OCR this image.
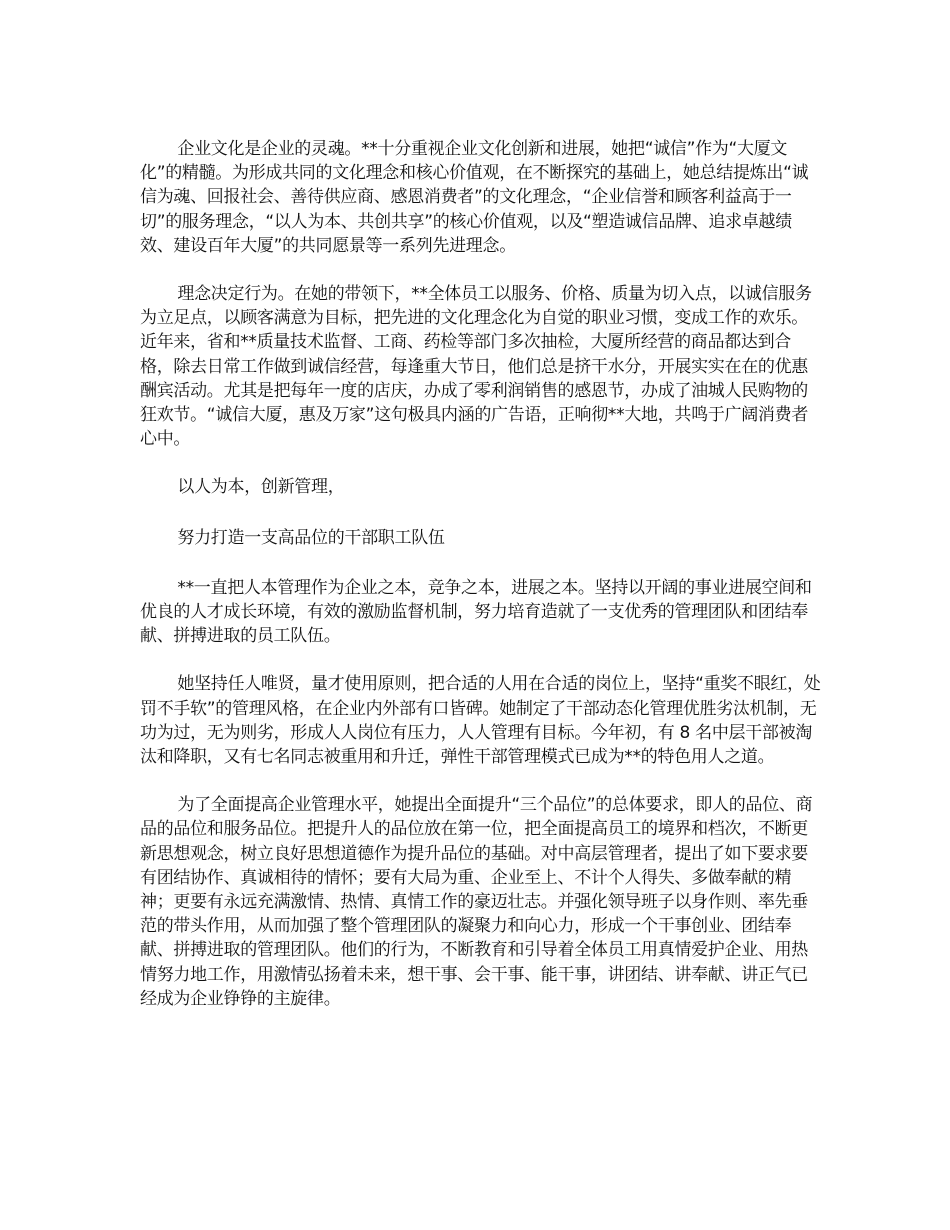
企业文化是企业的灵魂。**十分重视企业文化创新和进展，她把“诚信”作为“大厦文化”的精髓。为形成共同的文化理念和核心价值观，在不断探究的基础上，她总结提炼出“诚信为魂、回报社会、善待供应商、感恩消费者”的文化理念，“企业信誉和顾客利益高于一切”的服务理念，“以人为本、共创共享”的核心价值观，以及“塑造诚信品牌、追求卓越绩效、建设百年大厦”的共同愿景等一系列先进理念。

理念决定行为。在她的带领下，**全体员工以服务、价格、质量为切入点，以诚信服务为立足点，以顾客满意为目标，把先进的文化理念化为自觉的职业习惯，变成工作的欢乐。近年来，省和**质量技术监督、工商、药检等部门多次抽检，大厦所经营的商品都达到合格，除去日常工作做到诚信经营，每逢重大节日，他们总是挤干水分，开展实实在在的优惠酬宾活动。尤其是把每年一度的店庆，办成了零利润销售的感恩节，办成了油城人民购物的狂欢节。“诚信大厦，惠及万家”这句极具内涵的广告语，正响彻**大地，共鸣于广阔消费者心中。

以人为本，创新管理，

努力打造一支高品位的干部职工队伍

**一直把人本管理作为企业之本，竞争之本，进展之本。坚持以开阔的事业进展空间和优良的人才成长环境，有效的激励监督机制，努力培育造就了一支优秀的管理团队和团结奉献、拼搏进取的员工队伍。

她坚持任人唯贤，量才使用原则，把合适的人用在合适的岗位上，坚持“重奖不眼红，处罚不手软”的管理风格，在企业内外部有口皆碑。她制定了干部动态化管理优胜劣汰机制，无功为过，无为则劣，形成人人岗位有压力，人人管理有目标。今年初，有 8 名中层干部被淘汰和降职，又有七名同志被重用和升迁，弹性干部管理模式已成为**的特色用人之道。

为了全面提高企业管理水平，她提出全面提升“三个品位”的总体要求，即人的品位、商品的品位和服务品位。把提升人的品位放在第一位，把全面提高员工的境界和档次，不断更新思想观念，树立良好思想道德作为提升品位的基础。对中高层管理者，提出了如下要求要有团结协作、真诚相待的情怀；要有大局为重、企业至上、不计个人得失、多做奉献的精神；更要有永远充满激情、热情、真情工作的豪迈壮志。并强化领导班子以身作则、率先垂范的带头作用，从而加强了整个管理团队的凝聚力和向心力，形成一个干事创业、团结奉献、拼搏进取的管理团队。他们的行为，不断教育和引导着全体员工用真情爱护企业、用热情努力地工作，用激情弘扬着未来，想干事、会干事、能干事，讲团结、讲奉献、讲正气已经成为企业铮铮的主旋律。
